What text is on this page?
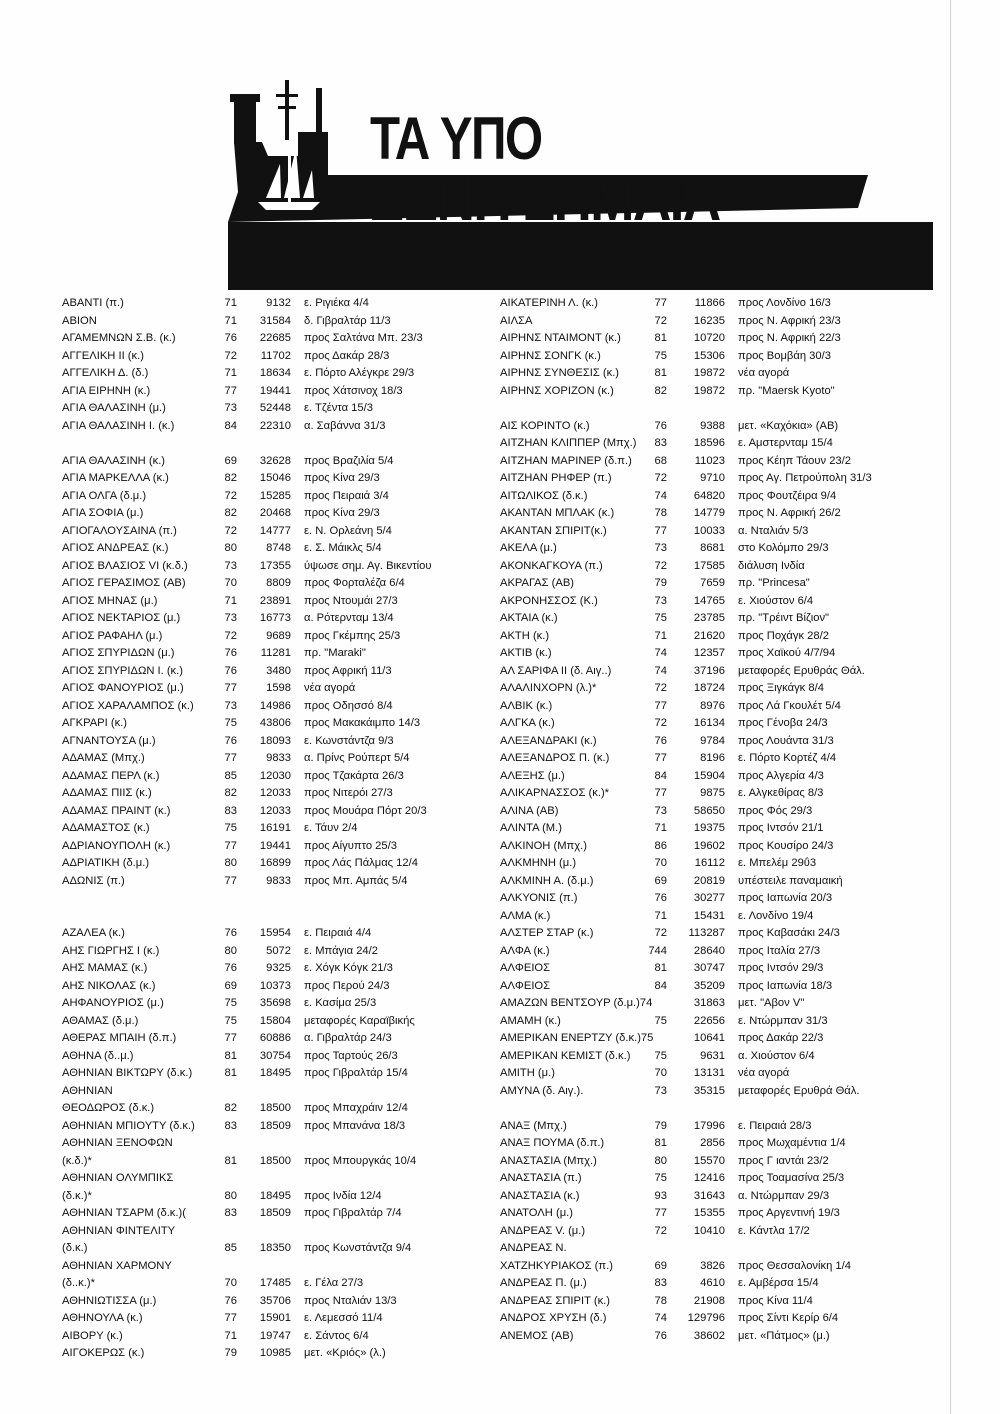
ΤΑ ΥΠΟ
ΞΕΝΗ ΣΗΜΑΙΑ
ΑΒΑΝΤΙ (π.)	71	9132 ε. Ριγιέκα 4/4
ΑΒΙΟΝ	71	31584 δ. Γιβραλτάρ 11/3
ΑΓΑΜΕΜΝΩΝ Σ.Β. (κ.)	76	22685 προς Σαλτάνα Μπ. 23/3
ΑΓΓΕΛΙΚΗ ΙΙ (κ.)	72	11702 προς Δακάρ 28/3
ΑΓΓΕΛΙΚΗ Δ. (δ.)	71	18634 ε. Πόρτο Αλέγκρε 29/3
ΑΓΙΑ ΕΙΡΗΝΗ (κ.)	77	19441 προς Χάτσινοχ 18/3
ΑΓΙΑ ΘΑΛΑΣΙΝΗ (μ.)	73	52448 ε. Τζέντα 15/3
ΑΓΙΑ ΘΑΛΑΣΙΝΗ Ι. (κ.)	84	22310 α. Σαβάννα 31/3
ΑΓΙΑ ΘΑΛΑΣΙΝΗ (κ.)	69	32628 προς Βραζιλία 5/4
ΑΓΙΑ ΜΑΡΚΕΛΛΑ (κ.)	82	15046 προς Κίνα 29/3
ΑΓΙΑ ΟΛΓΑ (δ.μ.)	72	15285 προς Πειραιά 3/4
ΑΓΙΑ ΣΟΦΙΑ (μ.)	82	20468 προς Κίνα 29/3
ΑΓΙΟΓΑΛΟΥΣΑΙΝΑ (π.)	72	14777 ε. Ν. Ορλεάνη 5/4
ΑΓΙΟΣ ΑΝΔΡΕΑΣ (κ.)	80	8748 ε. Σ. Μάικλς 5/4
ΑΓΙΟΣ ΒΛΑΣΙΟΣ VI (κ.δ.)	73	17355 ύψωσε σημ. Αγ. Βικεντίου
ΑΓΙΟΣ ΓΕΡΑΣΙΜΟΣ (ΑΒ)	70	8809 προς Φορταλέζα 6/4
ΑΓΙΟΣ ΜΗΝΑΣ (μ.)	71	23891 προς Ντουμάι 27/3
ΑΓΙΟΣ ΝΕΚΤΑΡΙΟΣ (μ.)	73	16773 α. Ρότερνταμ 13/4
ΑΓΙΟΣ ΡΑΦΑΗΛ (μ.)	72	9689 προς Γκέμπης 25/3
ΑΓΙΟΣ ΣΠΥΡΙΔΩΝ (μ.)	76	11281 πρ. "Maraki"
ΑΓΙΟΣ ΣΠΥΡΙΔΩΝ Ι. (κ.)	76	3480 προς Αφρική 11/3
ΑΓΙΟΣ ΦΑΝΟΥΡΙΟΣ (μ.)	77	1598 νέα αγορά
ΑΓΙΟΣ ΧΑΡΑΛΑΜΠΟΣ (κ.)	73	14986 προς Οδησσό 8/4
ΑΓΚΡΑΡΙ (κ.)	75	43806 προς Μακακάιμπο 14/3
ΑΓΝΑΝΤΟΥΣΑ (μ.)	76	18093 ε. Κωνστάντζα 9/3
ΑΔΑΜΑΣ (Μπχ.)	77	9833 α. Πρίνς Ρούπερτ 5/4
ΑΔΑΜΑΣ ΠΕΡΛ (κ.)	85	12030 προς Τζακάρτα 26/3
ΑΔΑΜΑΣ ΠΙΙΣ (κ.)	82	12033 προς Νιτερόι 27/3
ΑΔΑΜΑΣ ΠΡΑΙΝΤ (κ.)	83	12033 προς Μουάρα Πόρτ 20/3
ΑΔΑΜΑΣΤΟΣ (κ.)	75	16191 ε. Τάυν 2/4
ΑΔΡΙΑΝΟΥΠΟΛΗ (κ.)	77	19441 προς Αίγυπτο 25/3
ΑΔΡΙΑΤΙΚΗ (δ.μ.)	80	16899 προς Λάς Πάλμας 12/4
ΑΔΩΝΙΣ (π.)	77	9833 προς Μπ. Αμπάς 5/4
ΑΖΑΛΕΑ (κ.)	76	15954 ε. Πειραιά 4/4
ΑΗΣ ΓΙΩΡΓΗΣ Ι (κ.)	80	5072 ε. Μπάγια 24/2
ΑΗΣ ΜΑΜΑΣ (κ.)	76	9325 ε. Χόγκ Κόγκ 21/3
ΑΗΣ ΝΙΚΟΛΑΣ (κ.)	69	10373 προς Περού 24/3
ΑΗΦΑΝΟΥΡΙΟΣ (μ.)	75	35698 ε. Κασίμα 25/3
ΑΘΑΜΑΣ (δ.μ.)	75	15804 μεταφορές Καραϊβικής
ΑΘΕΡΑΣ ΜΠΑΙΗ (δ.π.)	77	60886 α. Γιβραλτάρ 24/3
ΑΘΗΝΑ (δ..μ.)	81	30754 προς Ταρτούς 26/3
ΑΘΗΝΙΑΝ ΒΙΚΤΩΡΥ (δ.κ.)	81	18495 προς Γιβραλτάρ 15/4
ΑΘΗΝΙΑΝ
ΘΕΟΔΩΡΟΣ (δ.κ.)	82	18500 προς Μπαχράιν 12/4
ΑΘΗΝΙΑΝ ΜΠΙΟΥΤΥ (δ.κ.)	83	18509 προς Μπανάνα 18/3
ΑΘΗΝΙΑΝ ΞΕΝΟΦΩΝ
(κ.δ.)*	81	18500 προς Μπουργκάς 10/4
ΑΘΗΝΙΑΝ ΟΛΥΜΠΙΚΣ
(δ.κ.)*	80	18495 προς Ινδία 12/4
ΑΘΗΝΙΑΝ ΤΣΑΡΜ (δ.κ.)(	83	18509 προς Γιβραλτάρ 7/4
ΑΘΗΝΙΑΝ ΦΙΝΤΕΛΙΤΥ
(δ.κ.)	85	18350 προς Κωνστάντζα 9/4
ΑΘΗΝΙΑΝ ΧΑΡΜΟΝΥ
(δ..κ.)*	70	17485 ε. Γέλα 27/3
ΑΘΗΝΙΩΤΙΣΣΑ (μ.)	76	35706 προς Νταλιάν 13/3
ΑΘΗΝΟΥΛΑ (κ.)	77	15901 ε. Λεμεσσό 11/4
ΑΙΒΟΡΥ (κ.)	71	19747 ε. Σάντος 6/4
ΑΙΓΟΚΕΡΩΣ (κ.)	79	10985 μετ. «Κριός» (λ.)
ΑΙΚΑΤΕΡΙΝΗ Λ. (κ.)	77	11866 προς Λονδίνο 16/3
ΑΙΛΣΑ	72	16235 προς Ν. Αφρική 23/3
ΑΙΡΗΝΣ ΝΤΑΙΜΟΝΤ (κ.)	81	10720 προς Ν. Αφρική 22/3
ΑΙΡΗΝΣ ΣΟΝΓΚ (κ.)	75	15306 προς Βομβάη 30/3
ΑΙΡΗΝΣ ΣΥΝΘΕΣΙΣ (κ.)	81	19872 νέα αγορά
ΑΙΡΗΝΣ ΧΟΡΙΖΟΝ (κ.)	82	19872 πρ. "Maersk Kyoto"
ΑΙΣ ΚΟΡΙΝΤΟ (κ.)	76	9388 μετ. «Καχόκια» (ΑΒ)
ΑΙΤΖΗΑΝ ΚΛΙΠΠΕΡ (Μπχ.)	83	18596 ε. Αμστερνταμ 15/4
ΑΙΤΖΗΑΝ ΜΑΡΙΝΕΡ (δ.π.)	68	11023 προς Κέηπ Τάουν 23/2
ΑΙΤΖΗΑΝ ΡΗΦΕΡ (π.)	72	9710 προς Αγ. Πετρούπολη 31/3
ΑΙΤΩΛΙΚΟΣ (δ.κ.)	74	64820 προς Φουτζέιρα 9/4
ΑΚΑΝΤΑΝ ΜΠΛΑΚ (κ.)	78	14779 προς Ν. Αφρική 26/2
ΑΚΑΝΤΑΝ ΣΠΙΡΙΤ(κ.)	77	10033 α. Νταλιάν 5/3
ΑΚΕΛΑ (μ.)	73	8681 στο Κολόμπο 29/3
ΑΚΟΝΚΑΓΚΟΥΑ (π.)	72	17585 διάλυση Ινδία
ΑΚΡΑΓΑΣ (ΑΒ)	79	7659 πρ. "Princesa"
ΑΚΡΟΝΗΣΣΟΣ (Κ.)	73	14765 ε. Χιούστον 6/4
ΑΚΤΑΙΑ (κ.)	75	23785 πρ. "Τρέιντ Βίζιον"
ΑΚΤΗ (κ.)	71	21620 προς Ποχάγκ 28/2
ΑΚΤΙΒ (κ.)	74	12357 προς Χαϊκού 4/7/94
ΑΛ ΣΑΡΙΦΑ ΙΙ (δ. Αιγ..)	74	37196 μεταφορές Ερυθράς Θάλ.
ΑΛΑΛΙΝΧΟΡΝ (λ.)*	72	18724 προς Ξιγκάγκ 8/4
ΑΛΒΙΚ (κ.)	77	8976 προς Λά Γκουλέτ 5/4
ΑΛΓΚΑ (κ.)	72	16134 προς Γένοβα 24/3
ΑΛΕΞΑΝΔΡΑΚΙ (κ.)	76	9784 προς Λουάντα 31/3
ΑΛΕΞΑΝΔΡΟΣ Π. (κ.)	77	8196 ε. Πόρτο Κορτέζ 4/4
ΑΛΕΞΗΣ (μ.)	84	15904 προς Αλγερία 4/3
ΑΛΙΚΑΡΝΑΣΣΟΣ (κ.)*	77	9875 ε. Αλγκεθίρας 8/3
ΑΛΙΝΑ (ΑΒ)	73	58650 προς Φός 29/3
ΑΛΙΝΤΑ (Μ.)	71	19375 προς Ιντσόν 21/1
ΑΛΚΙΝΟΗ (Μπχ.)	86	19602 προς Κουσίρο 24/3
ΑΛΚΜΗΝΗ (μ.)	70	16112 ε. Μπελέμ 29ΰ3
ΑΛΚΜΙΝΗ Α. (δ.μ.)	69	20819 υπέστειλε παναμαική
ΑΛΚΥΟΝΙΣ (π.)	76	30277 προς Ιαπωνία 20/3
ΑΛΜΑ (κ.)	71	15431 ε. Λονδίνο 19/4
ΑΛΣΤΕΡ ΣΤΑΡ (κ.)	72	113287 προς Καβασάκι 24/3
ΑΛΦΑ (κ.)	744	28640 προς Ιταλία 27/3
ΑΛΦΕΙΟΣ	81	30747 προς Ιντσόν 29/3
ΑΛΦΕΙΟΣ	84	35209 προς Ιαπωνία 18/3
ΑΜΑΖΩΝ ΒΕΝΤΣΟΥΡ (δ.μ.)74	31863 μετ. "Αβον V"
ΑΜΑΜΗ (κ.)	75	22656 ε. Ντώρμπαν 31/3
ΑΜΕΡΙΚΑΝ ΕΝΕΡΤΖΥ (δ.κ.)75	10641 προς Δακάρ 22/3
ΑΜΕΡΙΚΑΝ ΚΕΜΙΣΤ (δ.κ.)	75	9631 α. Χιούστον 6/4
ΑΜΙΤΗ (μ.)	70	13131 νέα αγορά
ΑΜΥΝΑ (δ. Αιγ.).	73	35315 μεταφορές Ερυθρά Θάλ.
ΑΝΑΞ (Μπχ.)	79	17996 ε. Πειραιά 28/3
ΑΝΑΞ ΠΟΥΜΑ (δ.π.)	81	2856 προς Μωχαμέντια 1/4
ΑΝΑΣΤΑΣΙΑ (Μπχ.)	80	15570 προς Γ ιαντάι 23/2
ΑΝΑΣΤΑΣΙΑ (π.)	75	12416 προς Τοαμασίνα 25/3
ΑΝΑΣΤΑΣΙΑ (κ.)	93	31643 α. Ντώρμπαν 29/3
ΑΝΑΤΟΛΗ (μ.)	77	15355 προς Αργεντινή 19/3
ΑΝΔΡΕΑΣ V. (μ.)	72	10410 ε. Κάντλα 17/2
ΑΝΔΡΕΑΣ Ν.
ΧΑΤΖΗΚΥΡΙΑΚΟΣ (π.)	69	3826 προς Θεσσαλονίκη 1/4
ΑΝΔΡΕΑΣ Π. (μ.)	83	4610 ε. Αμβέρσα 15/4
ΑΝΔΡΕΑΣ ΣΠΙΡΙΤ (κ.)	78	21908 προς Κίνα 11/4
ΑΝΔΡΟΣ ΧΡΥΣΗ (δ.)	74	129796 προς Σίντι Κερίρ 6/4
ΑΝΕΜΟΣ (ΑΒ)	76	38602 μετ. «Πάτμος» (μ.)
